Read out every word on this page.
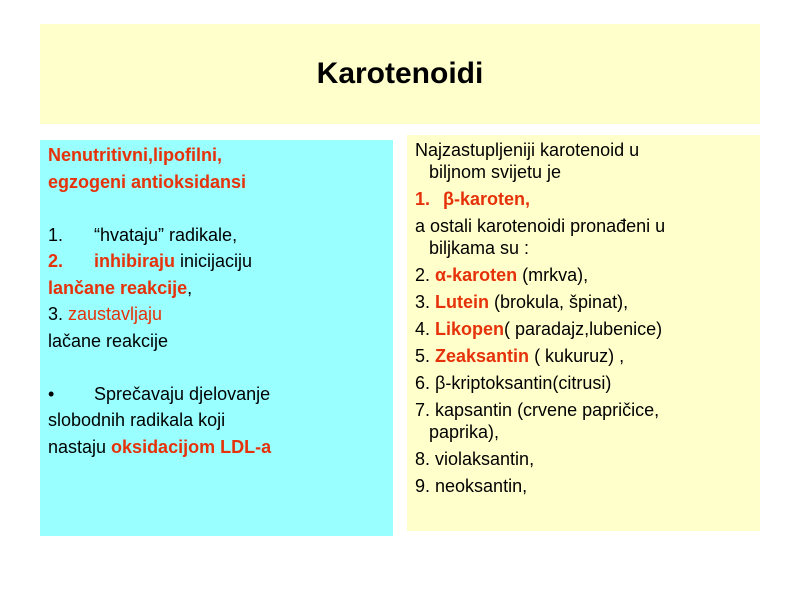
Karotenoidi
Nenutritivni,lipofilni,
egzogeni antioksidansi
1. “hvataju” radikale,
2. inhibiraju inicijaciju
lančane reakcije,
3. zaustavljaju
lačane reakcije
• Sprečavaju djelovanje
slobodnih radikala koji
nastaju oksidacijom LDL-a
Najzastupljeniji karotenoid u
biljnom svijetu je
1. β-karoten,
a ostali karotenoidi pronađeni u
biljkama su :
2. α-karoten (mrkva),
3. Lutein (brokula, špinat),
4. Likopen( paradajz,lubenice)
5. Zeaksantin ( kukuruz) ,
6. β-kriptoksantin(citrusi)
7. kapsantin (crvene papričice,
paprika),
8. violaksantin,
9. neoksantin,
